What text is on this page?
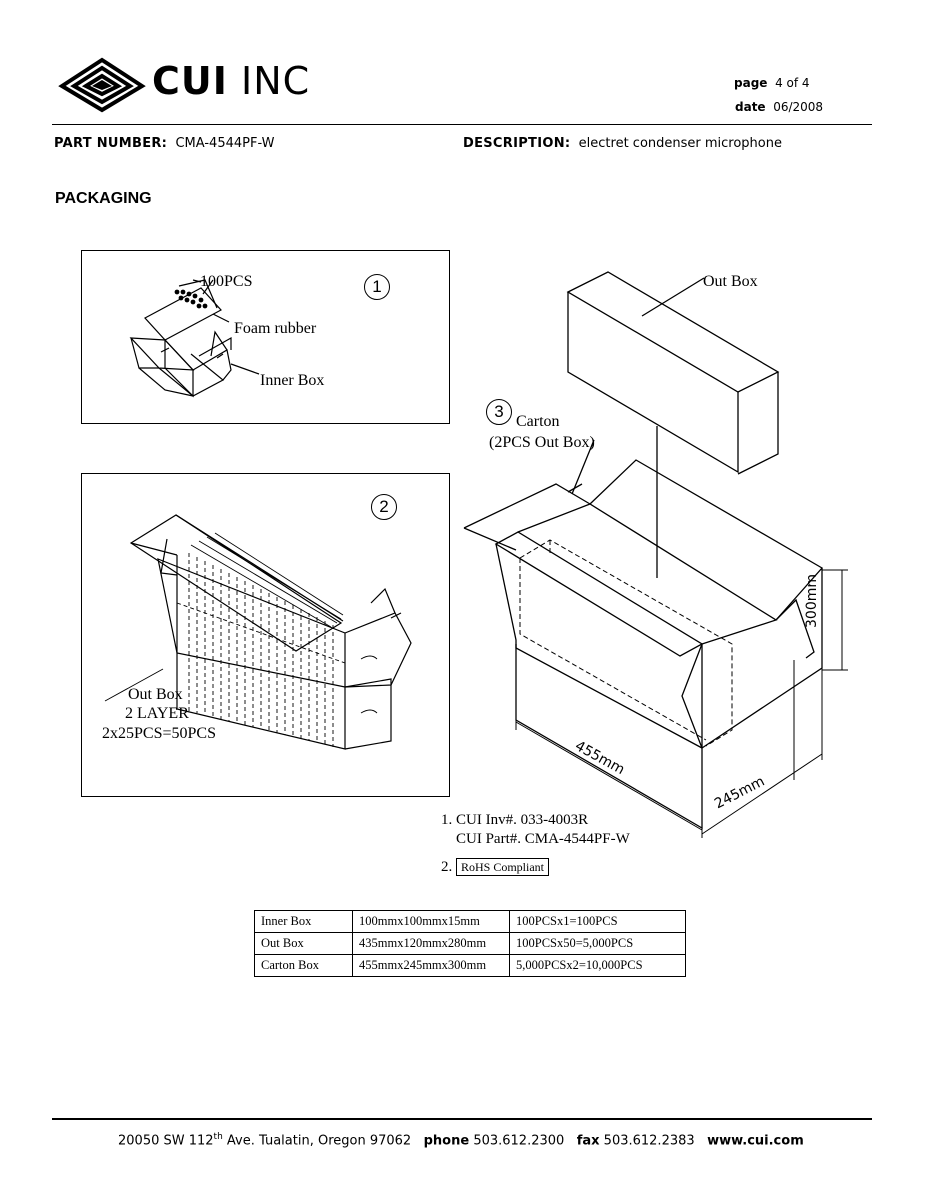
CUI INC	page 4 of 4
date 06/2008
PART NUMBER: CMA-4544PF-W	DESCRIPTION: electret condenser microphone
PACKAGING
100PCS
Foam rubber
Inner Box
1
2
Out Box
2 LAYER
2x25PCS=50PCS
Out Box
3
Carton
(2PCS Out Box)
300mm
455mm
245mm
1. CUI Inv#. 033-4003R
CUI Part#. CMA-4544PF-W
2. RoHS Compliant
Inner Box	100mmx100mmx15mm	100PCSx1=100PCS
Out Box	435mmx120mmx280mm	100PCSx50=5,000PCS
Carton Box	455mmx245mmx300mm	5,000PCSx2=10,000PCS
20050 SW 112th Ave. Tualatin, Oregon 97062 phone 503.612.2300 fax 503.612.2383 www.cui.com
